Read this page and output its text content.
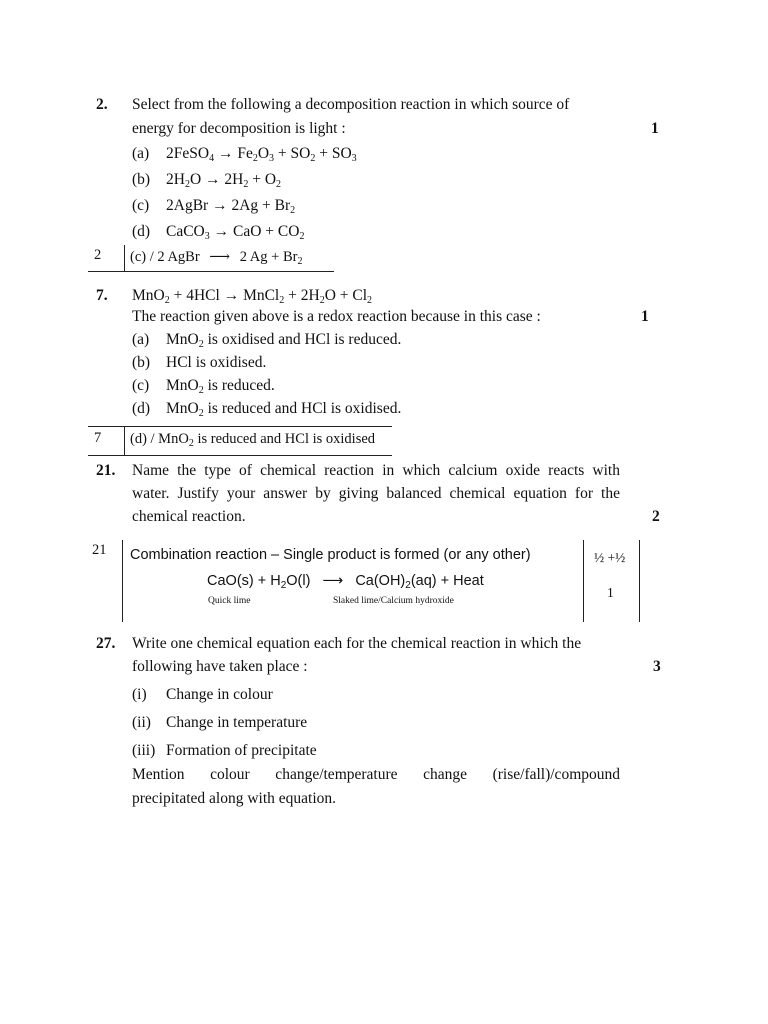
2. Select from the following a decomposition reaction in which source of
energy for decomposition is light :	1
(a) 2FeSO$_4$ → $Fe_2O_3 + SO_2 + SO_3$
(b) $2H_2O \to 2H_2 + O_2$
(c) 2AgBr → $2Ag + Br_2$
(d) CaCO$_3$ → CaO + $CO_2$
2 (c) / 2 AgBr ⟶ 2 $Ag + Br_2$
7. MnO$_2$ + 4HCl → MnCl$_2$ + $2H_2O + Cl_2$
The reaction given above is a redox reaction because in this case :	1
(a) MnO$_2$ is oxidised and HCl is reduced.
(b) HCl is oxidised.
(c) MnO$_2$ is reduced.
(d) MnO$_2$ is reduced and HCl is oxidised.
7 (d) / MnO$_2$ is reduced and HCl is oxidised
21. Name the type of chemical reaction in which calcium oxide reacts with
water. Justify your answer by giving balanced chemical equation for the
chemical reaction.	2
21 Combination reaction – Single product is formed (or any other)
$CaO(s) + H_2O(l)$ ⟶ $Ca(OH)_2(aq)$ + Heat
Quick lime	Slaked lime/Calcium hydroxide
½ +½
1
27. Write one chemical equation each for the chemical reaction in which the
following have taken place :	3
(i) Change in colour
(ii) Change in temperature
(iii) Formation of precipitate
Mention colour change/temperature change (rise/fall)/compound
precipitated along with equation.
